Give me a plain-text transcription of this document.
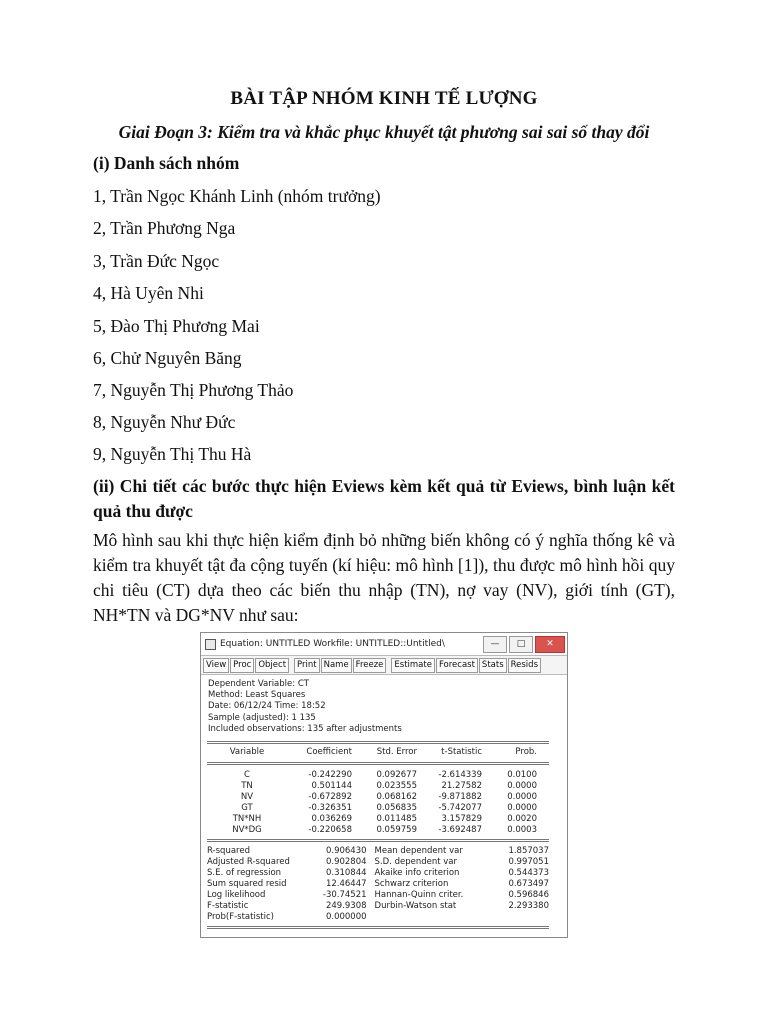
BÀI TẬP NHÓM KINH TẾ LƯỢNG
Giai Đoạn 3: Kiểm tra và khắc phục khuyết tật phương sai sai số thay đổi
(i) Danh sách nhóm
1, Trần Ngọc Khánh Linh (nhóm trưởng)
2, Trần Phương Nga
3, Trần Đức Ngọc
4, Hà Uyên Nhi
5, Đào Thị Phương Mai
6, Chử Nguyên Băng
7, Nguyễn Thị Phương Thảo
8, Nguyễn Như Đức
9, Nguyễn Thị Thu Hà
(ii) Chi tiết các bước thực hiện Eviews kèm kết quả từ Eviews, bình luận kết quả thu được
Mô hình sau khi thực hiện kiểm định bỏ những biến không có ý nghĩa thống kê và kiểm tra khuyết tật đa cộng tuyến (kí hiệu: mô hình [1]), thu được mô hình hồi quy chi tiêu (CT) dựa theo các biến thu nhập (TN), nợ vay (NV), giới tính (GT), NH*TN và DG*NV như sau:
Equation: UNTITLED Workfile: UNTITLED::Untitled\	—	□	✕
View Proc Object	Print Name Freeze	Estimate Forecast Stats Resids
Dependent Variable: CT
Method: Least Squares
Date: 06/12/24 Time: 18:52
Sample (adjusted): 1 135
Included observations: 135 after adjustments
Variable	Coefficient	Std. Error	t-Statistic	Prob.
C	-0.242290	0.092677	-2.614339	0.0100
TN	0.501144	0.023555	21.27582	0.0000
NV	-0.672892	0.068162	-9.871882	0.0000
GT	-0.326351	0.056835	-5.742077	0.0000
TN*NH	0.036269	0.011485	3.157829	0.0020
NV*DG	-0.220658	0.059759	-3.692487	0.0003
R-squared	0.906430 Mean dependent var	1.857037
Adjusted R-squared	0.902804 S.D. dependent var	0.997051
S.E. of regression	0.310844 Akaike info criterion	0.544373
Sum squared resid	12.46447 Schwarz criterion	0.673497
Log likelihood	-30.74521 Hannan-Quinn criter.	0.596846
F-statistic	249.9308 Durbin-Watson stat	2.293380
Prob(F-statistic)	0.000000
